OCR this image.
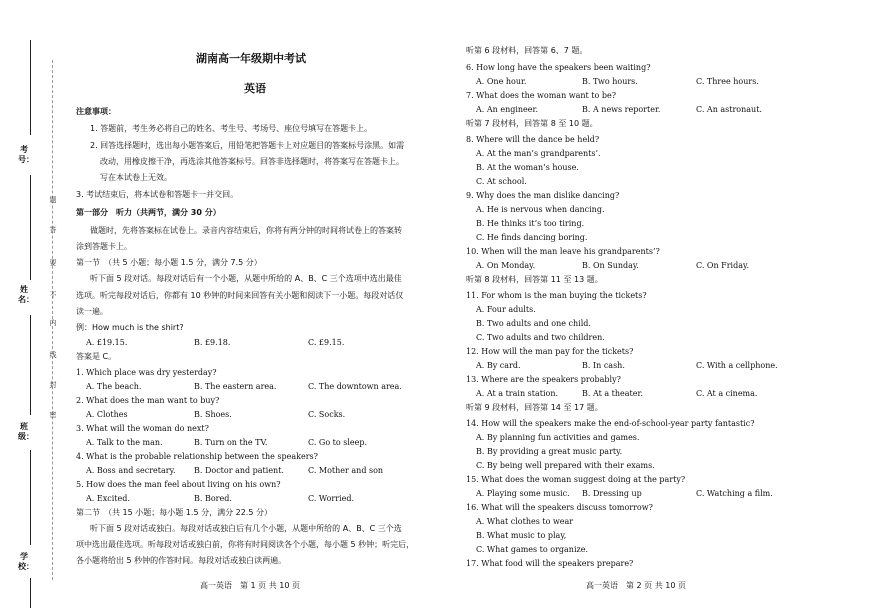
考号：
姓名：
班级：
学校：
题
答
要
不
内
线
封
密
湖南高一年级期中考试
英语
注意事项：
1. 答题前，考生务必将自己的姓名、考生号、考场号、座位号填写在答题卡上。
2. 回答选择题时，选出每小题答案后，用铅笔把答题卡上对应题目的答案标号涂黑。如需
改动，用橡皮擦干净，再选涂其他答案标号。回答非选择题时，将答案写在答题卡上。
写在本试卷上无效。
3. 考试结束后，将本试卷和答题卡一并交回。
第一部分　听力（共两节，满分 30 分）
做题时，先将答案标在试卷上。录音内容结束后，你将有两分钟的时间将试卷上的答案转
涂到答题卡上。
第一节　（共 5 小题；每小题 1.5 分，满分 7.5 分）
听下面 5 段对话。每段对话后有一个小题，从题中所给的 A、B、C 三个选项中选出最佳
选项。听完每段对话后，你都有 10 秒钟的时间来回答有关小题和阅读下一小题。每段对话仅
读一遍。
例：How much is the shirt?
A. £19.15.	B. £9.18.	C. £9.15.
答案是 C。
1. Which place was dry yesterday?
A. The beach.	B. The eastern area.	C. The downtown area.
2. What does the man want to buy?
A. Clothes	B. Shoes.	C. Socks.
3. What will the woman do next?
A. Talk to the man.	B. Turn on the TV.	C. Go to sleep.
4. What is the probable relationship between the speakers?
A. Boss and secretary. B. Doctor and patient.	C. Mother and son
5. How does the man feel about living on his own?
A. Excited.	B. Bored.	C. Worried.
第二节　（共 15 小题；每小题 1.5 分，满分 22.5 分）
听下面 5 段对话或独白。每段对话或独白后有几个小题，从题中所给的 A、B、C 三个选
项中选出最佳选项。听每段对话或独白前，你将有时间阅读各个小题，每小题 5 秒钟；听完后，
各小题将给出 5 秒钟的作答时间。每段对话或独白读两遍。
高一英语　第 1 页 共 10 页
听第 6 段材料，回答第 6、7 题。
6. How long have the speakers been waiting?
A. One hour.	B. Two hours.	C. Three hours.
7. What does the woman want to be?
A. An engineer.	B. A news reporter.	C. An astronaut.
听第 7 段材料，回答第 8 至 10 题。
8. Where will the dance be held?
A. At the man’s grandparents’.
B. At the woman’s house.
C. At school.
9. Why does the man dislike dancing?
A. He is nervous when dancing.
B. He thinks it’s too tiring.
C. He finds dancing boring.
10. When will the man leave his grandparents’?
A. On Monday.	B. On Sunday.	C. On Friday.
听第 8 段材料，回答第 11 至 13 题。
11. For whom is the man buying the tickets?
A. Four adults.
B. Two adults and one child.
C. Two adults and two children.
12. How will the man pay for the tickets?
A. By card.	B. In cash.	C. With a cellphone.
13. Where are the speakers probably?
A. At a train station.	B. At a theater.	C. At a cinema.
听第 9 段材料，回答第 14 至 17 题。
14. How will the speakers make the end-of-school-year party fantastic?
A. By planning fun activities and games.
B. By providing a great music party.
C. By being well prepared with their exams.
15. What does the woman suggest doing at the party?
A. Playing some music. B. Dressing up	C. Watching a film.
16. What will the speakers discuss tomorrow?
A. What clothes to wear
B. What music to play,
C. What games to organize.
17. What food will the speakers prepare?
高一英语　第 2 页 共 10 页
